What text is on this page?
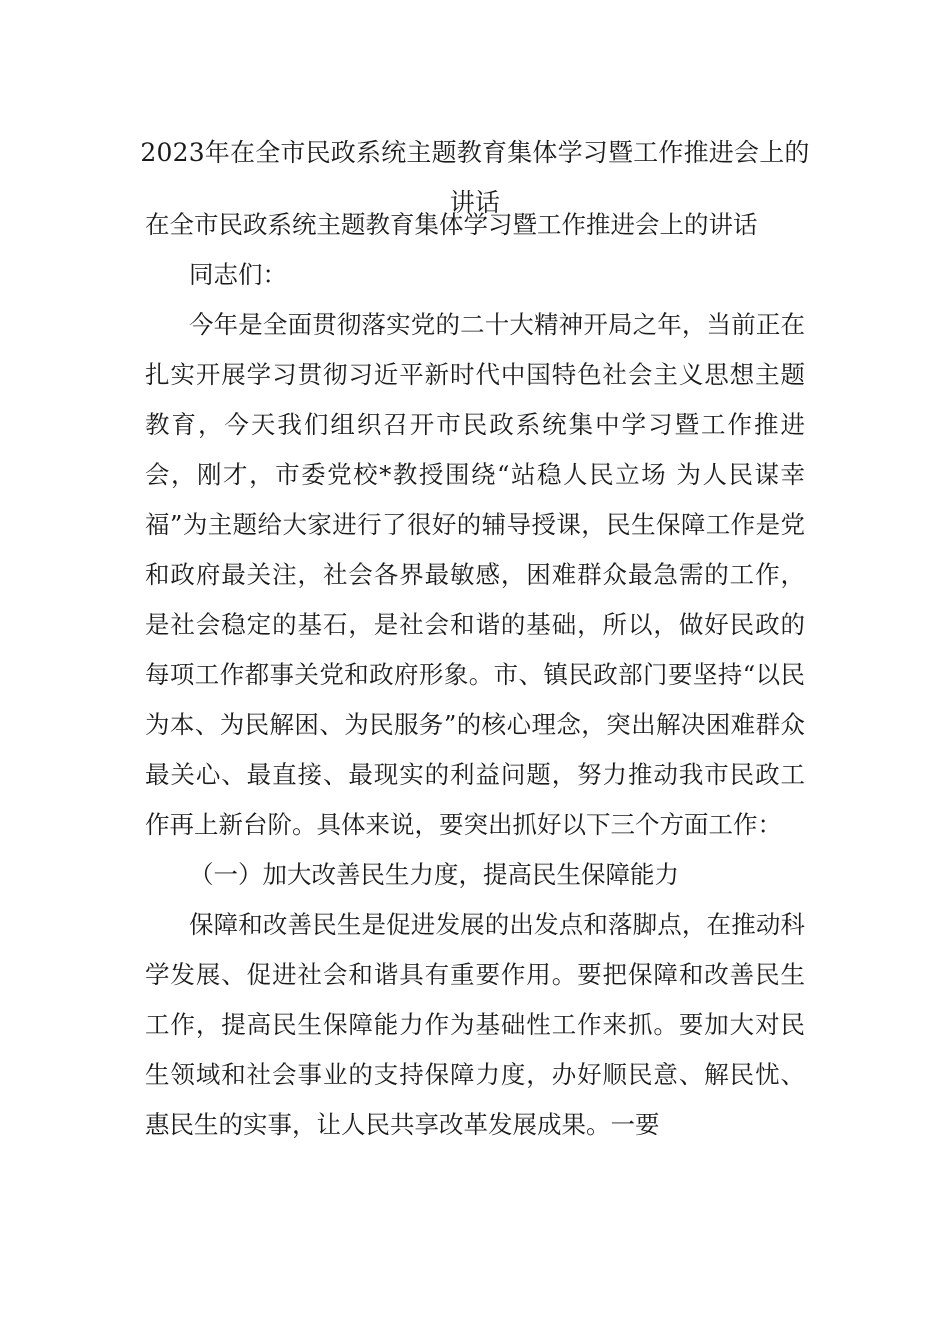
2023年在全市民政系统主题教育集体学习暨工作推进会上的讲话

在全市民政系统主题教育集体学习暨工作推进会上的讲话

同志们：

今年是全面贯彻落实党的二十大精神开局之年，当前正在扎实开展学习贯彻习近平新时代中国特色社会主义思想主题教育，今天我们组织召开市民政系统集中学习暨工作推进会，刚才，市委党校*教授围绕“站稳人民立场 为人民谋幸福”为主题给大家进行了很好的辅导授课，民生保障工作是党和政府最关注，社会各界最敏感，困难群众最急需的工作，是社会稳定的基石，是社会和谐的基础，所以，做好民政的每项工作都事关党和政府形象。市、镇民政部门要坚持“以民为本、为民解困、为民服务”的核心理念，突出解决困难群众最关心、最直接、最现实的利益问题，努力推动我市民政工作再上新台阶。具体来说，要突出抓好以下三个方面工作：

（一）加大改善民生力度，提高民生保障能力

保障和改善民生是促进发展的出发点和落脚点，在推动科学发展、促进社会和谐具有重要作用。要把保障和改善民生工作，提高民生保障能力作为基础性工作来抓。要加大对民生领域和社会事业的支持保障力度，办好顺民意、解民忧、惠民生的实事，让人民共享改革发展成果。一要
